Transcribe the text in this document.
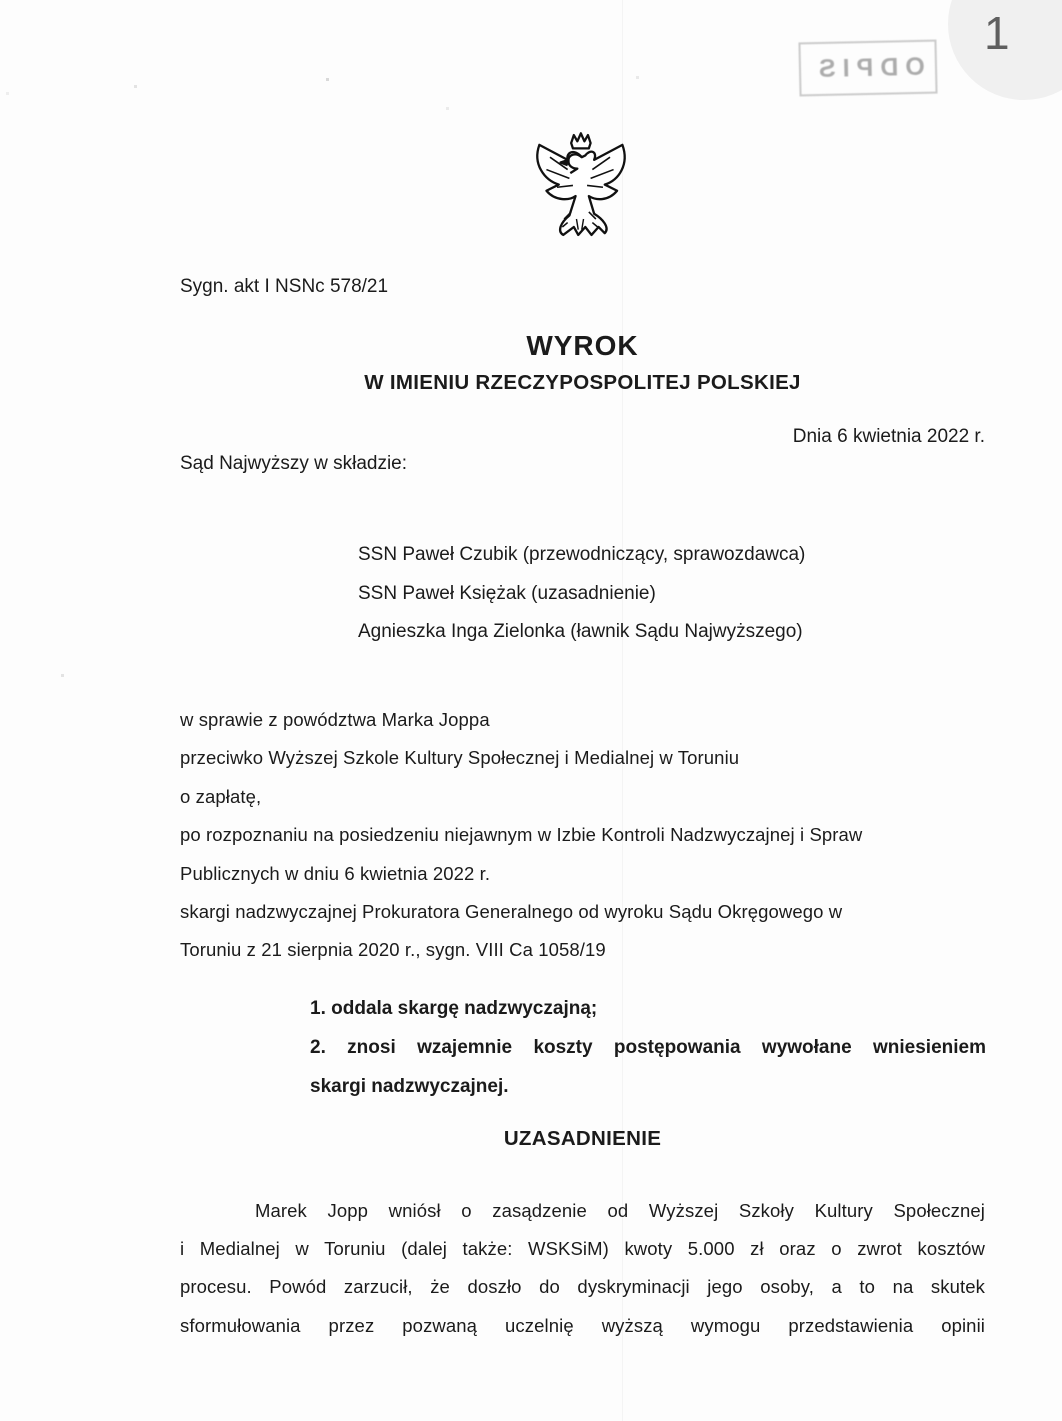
1
ODPIS
Sygn. akt I NSNc 578/21
WYROK
W IMIENIU RZECZYPOSPOLITEJ POLSKIEJ
Dnia 6 kwietnia 2022 r.
Sąd Najwyższy w składzie:
SSN Paweł Czubik (przewodniczący, sprawozdawca)
SSN Paweł Księżak (uzasadnienie)
Agnieszka Inga Zielonka (ławnik Sądu Najwyższego)
w sprawie z powództwa Marka Joppa
przeciwko Wyższej Szkole Kultury Społecznej i Medialnej w Toruniu
o zapłatę,
po rozpoznaniu na posiedzeniu niejawnym w Izbie Kontroli Nadzwyczajnej i Spraw
Publicznych w dniu 6 kwietnia 2022 r.
skargi nadzwyczajnej Prokuratora Generalnego od wyroku Sądu Okręgowego w
Toruniu z 21 sierpnia 2020 r., sygn. VIII Ca 1058/19
1. oddala skargę nadzwyczajną;
2. znosi wzajemnie koszty postępowania wywołane wniesieniem
skargi nadzwyczajnej.
UZASADNIENIE
Marek Jopp wniósł o zasądzenie od Wyższej Szkoły Kultury Społecznej
i Medialnej w Toruniu (dalej także: WSKSiM) kwoty 5.000 zł oraz o zwrot kosztów
procesu. Powód zarzucił, że doszło do dyskryminacji jego osoby, a to na skutek
sformułowania przez pozwaną uczelnię wyższą wymogu przedstawienia opinii
